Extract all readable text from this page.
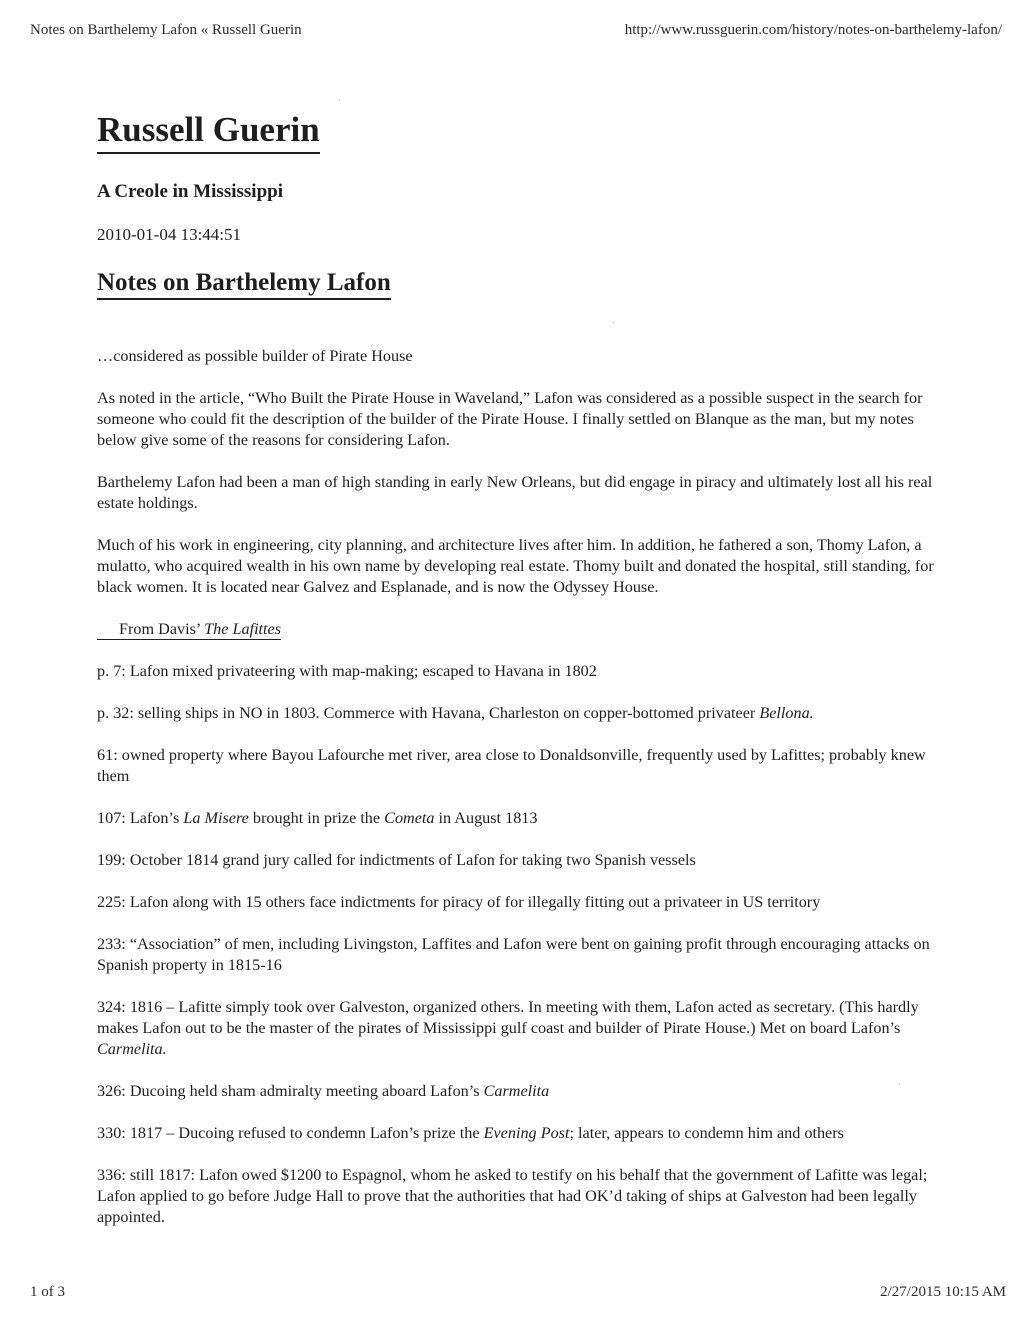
Notes on Barthelemy Lafon « Russell Guerin	http://www.russguerin.com/history/notes-on-barthelemy-lafon/
·
·
·
Russell Guerin

A Creole in Mississippi

2010-01-04 13:44:51

Notes on Barthelemy Lafon

…considered as possible builder of Pirate House

As noted in the article, “Who Built the Pirate House in Waveland,” Lafon was considered as a possible suspect in the search for someone who could fit the description of the builder of the Pirate House. I finally settled on Blanque as the man, but my notes below give some of the reasons for considering Lafon.

Barthelemy Lafon had been a man of high standing in early New Orleans, but did engage in piracy and ultimately lost all his real estate holdings.

Much of his work in engineering, city planning, and architecture lives after him. In addition, he fathered a son, Thomy Lafon, a mulatto, who acquired wealth in his own name by developing real estate. Thomy built and donated the hospital, still standing, for black women. It is located near Galvez and Esplanade, and is now the Odyssey House.

From Davis’ The Lafittes

p. 7: Lafon mixed privateering with map-making; escaped to Havana in 1802

p. 32: selling ships in NO in 1803. Commerce with Havana, Charleston on copper-bottomed privateer Bellona.

61: owned property where Bayou Lafourche met river, area close to Donaldsonville, frequently used by Lafittes; probably knew them

107: Lafon’s La Misere brought in prize the Cometa in August 1813

199: October 1814 grand jury called for indictments of Lafon for taking two Spanish vessels

225: Lafon along with 15 others face indictments for piracy of for illegally fitting out a privateer in US territory

233: “Association” of men, including Livingston, Laffites and Lafon were bent on gaining profit through encouraging attacks on Spanish property in 1815-16

324: 1816 – Lafitte simply took over Galveston, organized others. In meeting with them, Lafon acted as secretary. (This hardly makes Lafon out to be the master of the pirates of Mississippi gulf coast and builder of Pirate House.) Met on board Lafon’s Carmelita.

326: Ducoing held sham admiralty meeting aboard Lafon’s Carmelita

330: 1817 – Ducoing refused to condemn Lafon’s prize the Evening Post; later, appears to condemn him and others

336: still 1817: Lafon owed $1200 to Espagnol, whom he asked to testify on his behalf that the government of Lafitte was legal; Lafon applied to go before Judge Hall to prove that the authorities that had OK’d taking of ships at Galveston had been legally appointed.

1 of 3	2/27/2015 10:15 AM
